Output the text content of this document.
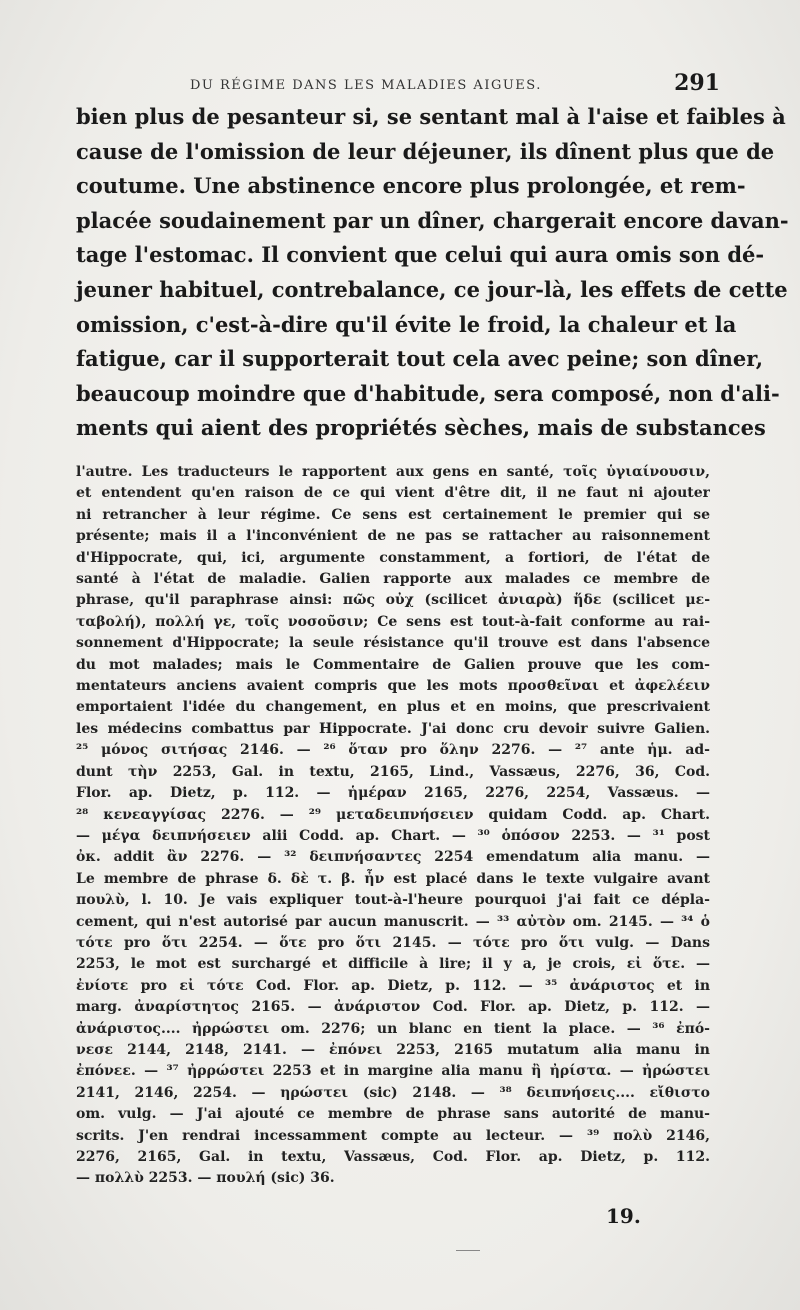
DU RÉGIME DANS LES MALADIES AIGUES.	291
bien plus de pesanteur si, se sentant mal à l'aise et faibles à
cause de l'omission de leur déjeuner, ils dînent plus que de
coutume. Une abstinence encore plus prolongée, et rem-
placée soudainement par un dîner, chargerait encore davan-
tage l'estomac. Il convient que celui qui aura omis son dé-
jeuner habituel, contrebalance, ce jour-là, les effets de cette
omission, c'est-à-dire qu'il évite le froid, la chaleur et la
fatigue, car il supporterait tout cela avec peine; son dîner,
beaucoup moindre que d'habitude, sera composé, non d'ali-
ments qui aient des propriétés sèches, mais de substances
l'autre. Les traducteurs le rapportent aux gens en santé, τοῖς ὑγιαίνουσιν,
et entendent qu'en raison de ce qui vient d'être dit, il ne faut ni ajouter
ni retrancher à leur régime. Ce sens est certainement le premier qui se
présente; mais il a l'inconvénient de ne pas se rattacher au raisonnement
d'Hippocrate, qui, ici, argumente constamment, a fortiori, de l'état de
santé à l'état de maladie. Galien rapporte aux malades ce membre de
phrase, qu'il paraphrase ainsi: πῶς οὐχ (scilicet ἀνιαρὰ) ἥδε (scilicet με-
ταβολή), πολλή γε, τοῖς νοσοῦσιν; Ce sens est tout-à-fait conforme au rai-
sonnement d'Hippocrate; la seule résistance qu'il trouve est dans l'absence
du mot malades; mais le Commentaire de Galien prouve que les com-
mentateurs anciens avaient compris que les mots προσθεῖναι et ἀφελέειν
emportaient l'idée du changement, en plus et en moins, que prescrivaient
les médecins combattus par Hippocrate. J'ai donc cru devoir suivre Galien.
²⁵ μόνος σιτήσας 2146. — ²⁶ ὅταν pro ὅλην 2276. — ²⁷ ante ἡμ. ad-
dunt τὴν 2253, Gal. in textu, 2165, Lind., Vassæus, 2276, 36, Cod.
Flor. ap. Dietz, p. 112. — ἡμέραν 2165, 2276, 2254, Vassæus. —
²⁸ κενεαγγίσας 2276. — ²⁹ μεταδειπνήσειεν quidam Codd. ap. Chart.
— μέγα δειπνήσειεν alii Codd. ap. Chart. — ³⁰ ὁπόσον 2253. — ³¹ post
ὀκ. addit ἂν 2276. — ³² δειπνήσαντες 2254 emendatum alia manu. —
Le membre de phrase δ. δὲ τ. β. ἦν est placé dans le texte vulgaire avant
πουλὺ, l. 10. Je vais expliquer tout-à-l'heure pourquoi j'ai fait ce dépla-
cement, qui n'est autorisé par aucun manuscrit. — ³³ αὐτὸν om. 2145. — ³⁴ ὁ
τότε pro ὅτι 2254. — ὅτε pro ὅτι 2145. — τότε pro ὅτι vulg. — Dans
2253, le mot est surchargé et difficile à lire; il y a, je crois, εἰ ὅτε. —
ἐνίοτε pro εἰ τότε Cod. Flor. ap. Dietz, p. 112. — ³⁵ ἀνάριστος et in
marg. ἀναρίστητος 2165. — ἀνάριστον Cod. Flor. ap. Dietz, p. 112. —
ἀνάριστος.... ἠρρώστει om. 2276; un blanc en tient la place. — ³⁶ ἐπό-
νεσε 2144, 2148, 2141. — ἐπόνει 2253, 2165 mutatum alia manu in
ἐπόνεε. — ³⁷ ἠρρώστει 2253 et in margine alia manu ἢ ἠρίστα. — ἠρώστει
2141, 2146, 2254. — ηρώστει (sic) 2148. — ³⁸ δειπνήσεις.... εἴθιστο
om. vulg. — J'ai ajouté ce membre de phrase sans autorité de manu-
scrits. J'en rendrai incessamment compte au lecteur. — ³⁹ πολὺ 2146,
2276, 2165, Gal. in textu, Vassæus, Cod. Flor. ap. Dietz, p. 112.
— πολλὺ 2253. — πουλή (sic) 36.
19.
